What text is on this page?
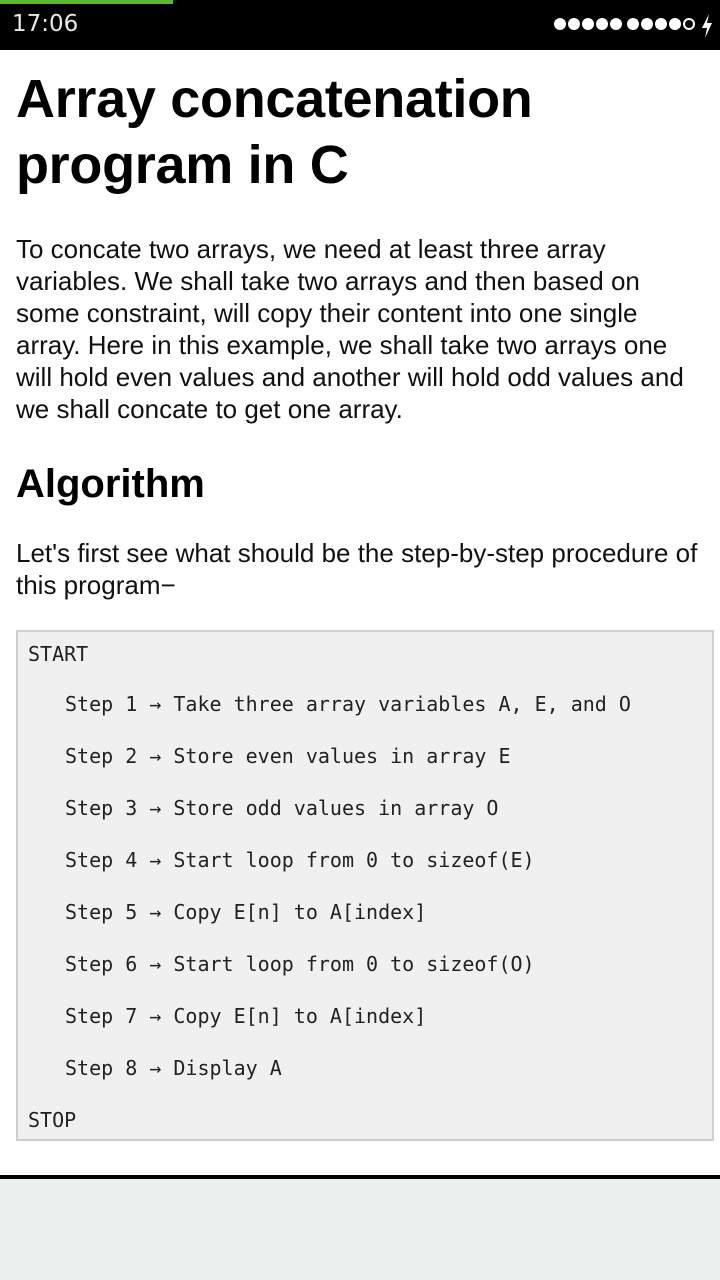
17:06
Array concatenation program in C

To concate two arrays, we need at least three array variables. We shall take two arrays and then based on some constraint, will copy their content into one single array. Here in this example, we shall take two arrays one will hold even values and another will hold odd values and we shall concate to get one array.

Algorithm

Let's first see what should be the step-by-step procedure of this program−

START
Step 1 → Take three array variables A, E, and O
Step 2 → Store even values in array E
Step 3 → Store odd values in array O
Step 4 → Start loop from 0 to sizeof(E)
Step 5 → Copy E[n] to A[index]
Step 6 → Start loop from 0 to sizeof(O)
Step 7 → Copy E[n] to A[index]
Step 8 → Display A
STOP
